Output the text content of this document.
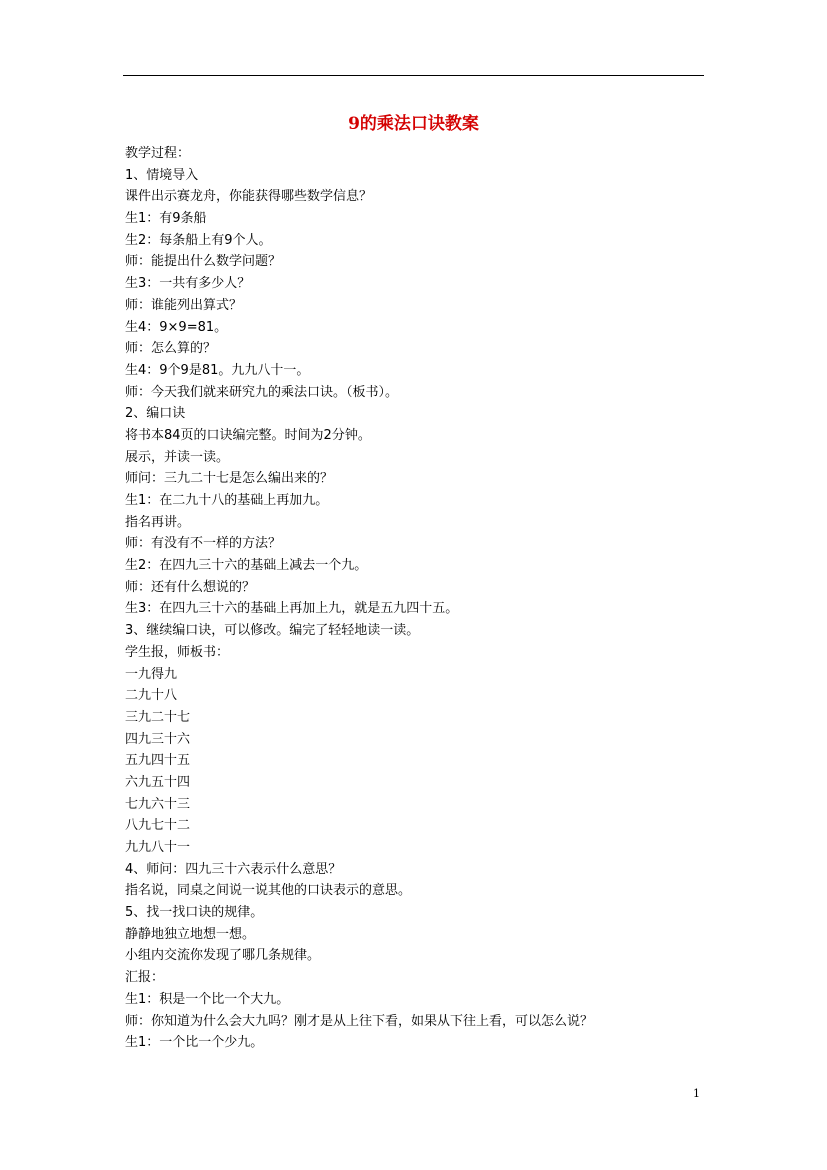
9的乘法口诀教案
教学过程：
1、情境导入
课件出示赛龙舟，你能获得哪些数学信息？
生1：有9条船
生2：每条船上有9个人。
师：能提出什么数学问题？
生3：一共有多少人？
师：谁能列出算式？
生4：9×9=81。
师：怎么算的？
生4：9个9是81。九九八十一。
师：今天我们就来研究九的乘法口诀。（板书）。
2、编口诀
将书本84页的口诀编完整。时间为2分钟。
展示，并读一读。
师问：三九二十七是怎么编出来的？
生1：在二九十八的基础上再加九。
指名再讲。
师：有没有不一样的方法？
生2：在四九三十六的基础上减去一个九。
师：还有什么想说的？
生3：在四九三十六的基础上再加上九，就是五九四十五。
3、继续编口诀，可以修改。编完了轻轻地读一读。
学生报，师板书：
一九得九
二九十八
三九二十七
四九三十六
五九四十五
六九五十四
七九六十三
八九七十二
九九八十一
4、师问：四九三十六表示什么意思？
指名说，同桌之间说一说其他的口诀表示的意思。
5、找一找口诀的规律。
静静地独立地想一想。
小组内交流你发现了哪几条规律。
汇报：
生1：积是一个比一个大九。
师：你知道为什么会大九吗？刚才是从上往下看，如果从下往上看，可以怎么说？
生1：一个比一个少九。
1
